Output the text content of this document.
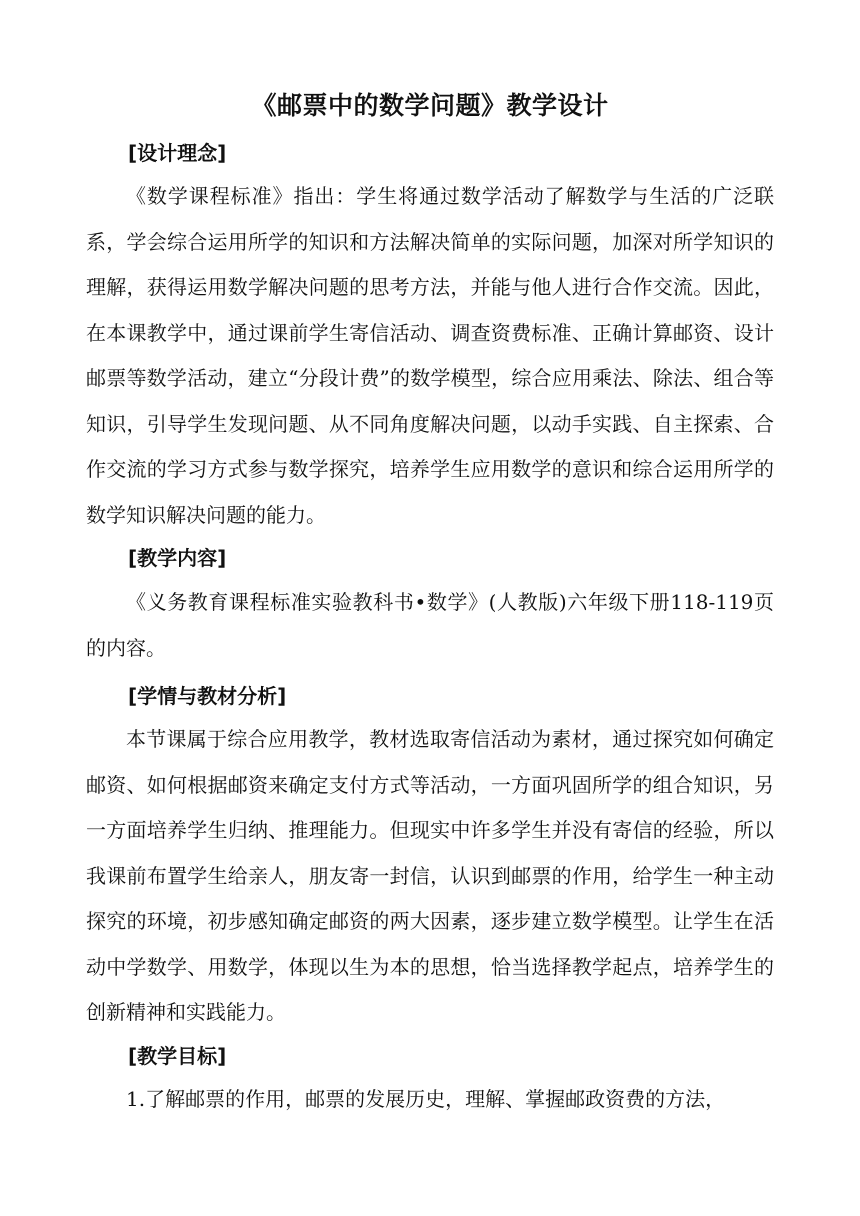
《邮票中的数学问题》教学设计
[设计理念]

《数学课程标准》指出：学生将通过数学活动了解数学与生活的广泛联系，学会综合运用所学的知识和方法解决简单的实际问题，加深对所学知识的理解，获得运用数学解决问题的思考方法，并能与他人进行合作交流。因此，在本课教学中，通过课前学生寄信活动、调查资费标准、正确计算邮资、设计邮票等数学活动，建立“分段计费”的数学模型，综合应用乘法、除法、组合等知识，引导学生发现问题、从不同角度解决问题，以动手实践、自主探索、合作交流的学习方式参与数学探究，培养学生应用数学的意识和综合运用所学的数学知识解决问题的能力。

[教学内容]

《义务教育课程标准实验教科书•数学》(人教版)六年级下册118-119页的内容。

[学情与教材分析]

本节课属于综合应用教学，教材选取寄信活动为素材，通过探究如何确定邮资、如何根据邮资来确定支付方式等活动，一方面巩固所学的组合知识，另一方面培养学生归纳、推理能力。但现实中许多学生并没有寄信的经验，所以我课前布置学生给亲人，朋友寄一封信，认识到邮票的作用，给学生一种主动探究的环境，初步感知确定邮资的两大因素，逐步建立数学模型。让学生在活动中学数学、用数学，体现以生为本的思想，恰当选择教学起点，培养学生的创新精神和实践能力。

[教学目标]

1.了解邮票的作用，邮票的发展历史，理解、掌握邮政资费的方法，
